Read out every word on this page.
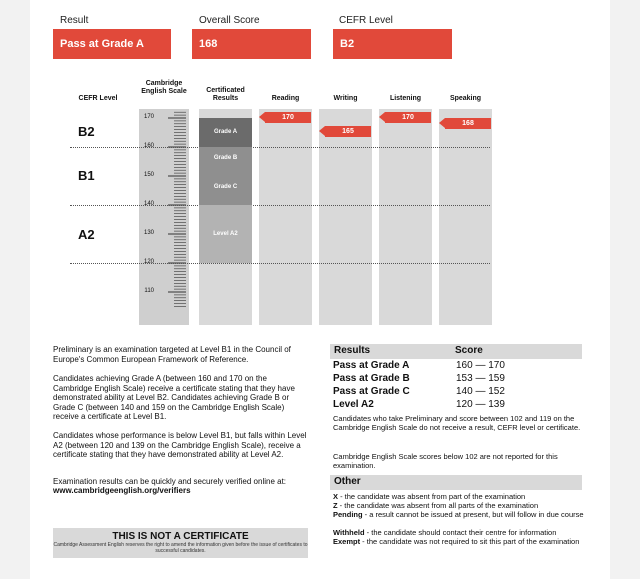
Result
Pass at Grade A
Overall Score
168
CEFR Level
B2
CEFR Level
Cambridge English Scale	Certificated Results	Reading	Writing	Listening	Speaking
170
160
150
140
130
120
110
B2
B1
A2
Grade A
Grade B
Grade C
Level A2
170
165
170
168
Preliminary is an examination targeted at Level B1 in the Council of Europe's Common European Framework of Reference.
Candidates achieving Grade A (between 160 and 170 on the Cambridge English Scale) receive a certificate stating that they have demonstrated ability at Level B2. Candidates achieving Grade B or Grade C (between 140 and 159 on the Cambridge English Scale) receive a certificate at Level B1.
Candidates whose performance is below Level B1, but falls within Level A2 (between 120 and 139 on the Cambridge English Scale), receive a certificate stating that they have demonstrated ability at Level A2.
Examination results can be quickly and securely verified online at:
www.cambridgeenglish.org/verifiers
Results	Score
Pass at Grade A	160 — 170
Pass at Grade B	153 — 159
Pass at Grade C	140 — 152
Level A2	120 — 139
Candidates who take Preliminary and score between 102 and 119 on the Cambridge English Scale do not receive a result, CEFR level or certificate.
Cambridge English Scale scores below 102 are not reported for this examination.
Other
X - the candidate was absent from part of the examination
Z - the candidate was absent from all parts of the examination
Pending - a result cannot be issued at present, but will follow in due course
Withheld - the candidate should contact their centre for information
Exempt - the candidate was not required to sit this part of the examination
THIS IS NOT A CERTIFICATE
Cambridge Assessment English reserves the right to amend the information given before the issue of certificates to successful candidates.
